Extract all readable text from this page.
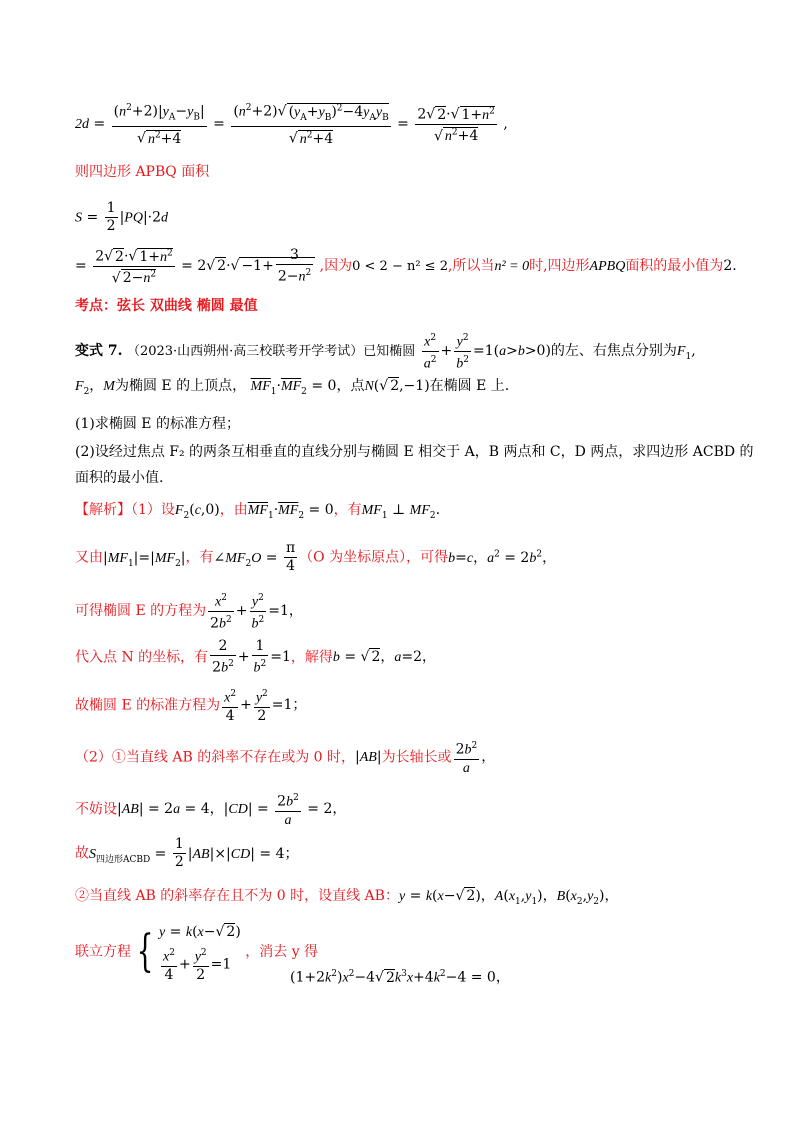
$2d = \frac{(n^2+2)|y_A-y_B|}{√ n^2+4} = \frac{(n^2+2)√ (y_A+y_B)^2-4y_Ay_B}{√ n^2+4} = \frac{2√ 2\cdot√ 1+n^2}{√ n^2+4}$ ,
则四边形 APBQ 面积
$S = \frac{1}{2} |PQ|\cdot 2d$
= $\frac{2√ 2\cdot√ 1+n^2}{√ 2-n^2} = 2√$ $2\cdot√ -1+ \frac{3}{2-n^2}$ ,因为0 < 2 − n² ≤ 2,所以当n² = 0时,四边形APBQ面积的最小值为2.
考点：弦长 双曲线 椭圆 最值
变式 7. （2023·山西朔州·高三校联考开学考试）已知椭圆 $\frac{x^2}{a^2} + \frac{y^2}{b^2} =1(a>b>0)$的左、右焦点分别为$F_1$,
$F_2$，M为椭圆 E 的上顶点， $\overline{MF}_1\cdot\overline{MF}_2 = 0$，点N(√ 2,−1)在椭圆 E 上.
(1)求椭圆 E 的标准方程；
(2)设经过焦点 F₂ 的两条互相垂直的直线分别与椭圆 E 相交于 A，B 两点和 C，D 两点，求四边形 ACBD 的
面积的最小值.
【解析】（1）设$F_2(c,0)$，由$\overline{MF}_1\cdot\overline{MF}_2 = 0$，有$MF_1$ ⊥ $MF_2$.
又由$|MF_1|=|MF_2|$，有$\angle MF_2O = \frac{\pi}{4} (O$ 为坐标原点），可得b=c，$a^2 = 2b^2$，
可得椭圆 E 的方程为 $\frac{x^2}{2b^2} + \frac{y^2}{b^2} =1$，
代入点 N 的坐标，有 $\frac{2}{2b^2} + \frac{1}{b^2} =1$，解得b = √ 2，a=2，
故椭圆 E 的标准方程为 $\frac{x^2}{4} + \frac{y^2}{2} =1$；
（2）①当直线 AB 的斜率不存在或为 0 时，|AB|为长轴长或 $\frac{2b^2}{a}$ ，
不妨设|AB| = 2a = 4，$|CD| = \frac{2b^2}{a} = 2$，
故$S_{四边形ACBD} = \frac{1}{2} |AB|\times|CD| = 4$；
②当直线 AB 的斜率存在且不为 0 时，设直线 AB：y = k(x−√ 2)，$A(x_1,y_1)$，$B(x_2,y_2)$，
联立方程 { y = k(x−√ 2)
$\frac{x^2}{4} + \frac{y^2}{2} =1$
，消去 y 得
$(1+2k^2)x^2-4√$ $2k^3x+4k^2-4 = 0$，
